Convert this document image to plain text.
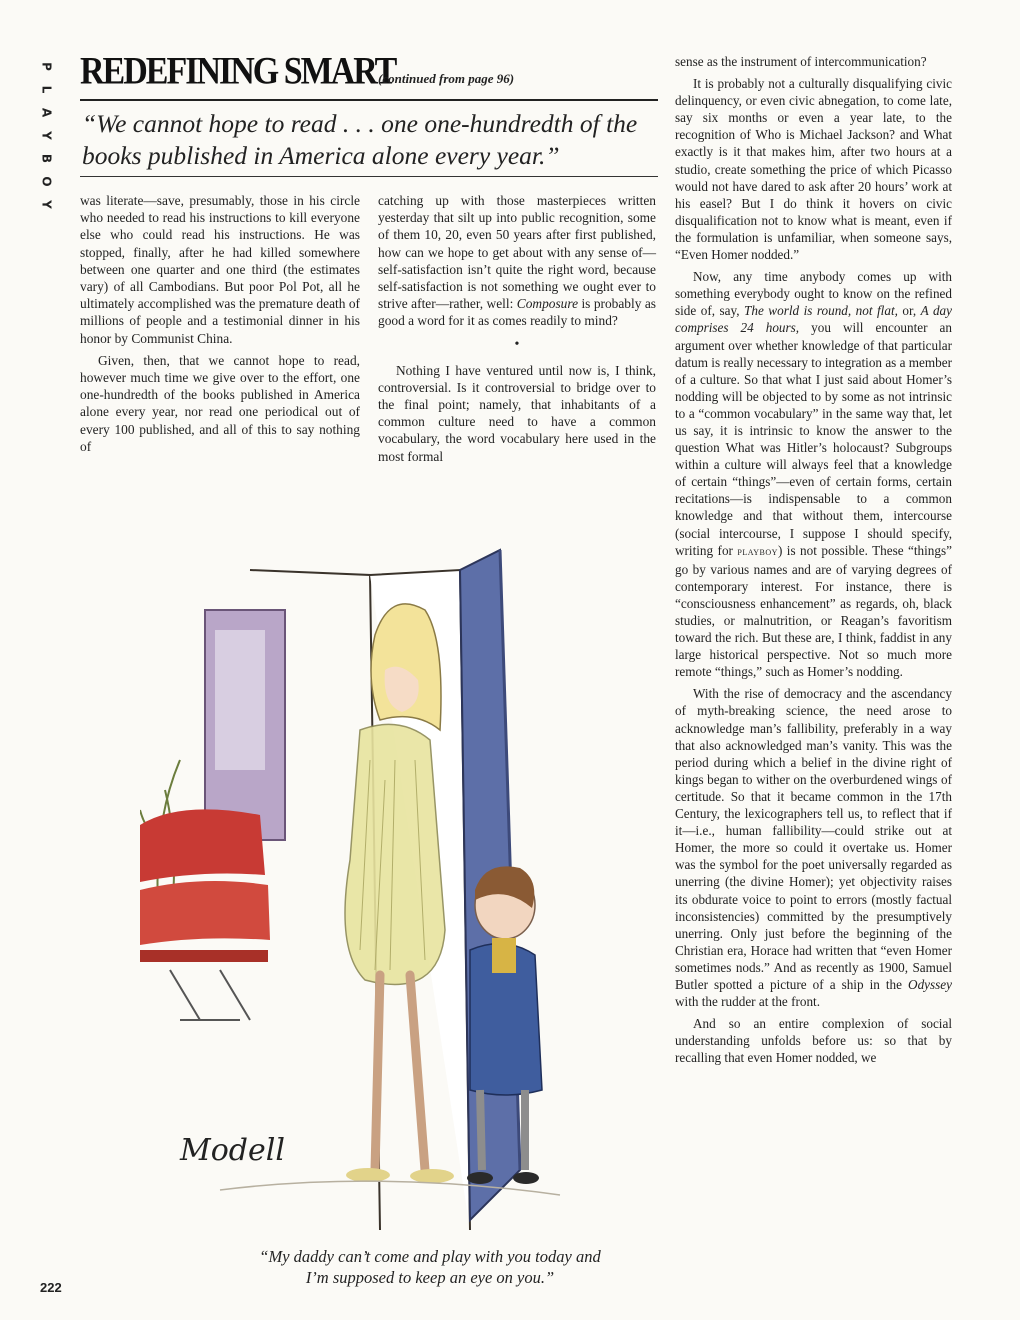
P
L
A
Y
B
O
Y
REDEFINING SMART
(continued from page 96)
“We cannot hope to read . . . one one-hundredth of the books published in America alone every year.”

was literate—save, presumably, those in his circle who needed to read his instructions to kill everyone else who could read his instructions. He was stopped, finally, after he had killed somewhere between one quarter and one third (the estimates vary) of all Cambodians. But poor Pol Pot, all he ultimately accomplished was the premature death of millions of people and a testimonial dinner in his honor by Communist China.

Given, then, that we cannot hope to read, however much time we give over to the effort, one one-hundredth of the books published in America alone every year, nor read one periodical out of every 100 published, and all of this to say nothing of

catching up with those masterpieces written yesterday that silt up into public recognition, some of them 10, 20, even 50 years after first published, how can we hope to get about with any sense of—self-satisfaction isn’t quite the right word, because self-satisfaction is not something we ought ever to strive after—rather, well: Composure is probably as good a word for it as comes readily to mind?

•

Nothing I have ventured until now is, I think, controversial. Is it controversial to bridge over to the final point; namely, that inhabitants of a common culture need to have a common vocabulary, the word vocabulary here used in the most formal

sense as the instrument of intercommunication?

It is probably not a culturally disqualifying civic delinquency, or even civic abnegation, to come late, say six months or even a year late, to the recognition of Who is Michael Jackson? and What exactly is it that makes him, after two hours at a studio, create something the price of which Picasso would not have dared to ask after 20 hours’ work at his easel? But I do think it hovers on civic disqualification not to know what is meant, even if the formulation is unfamiliar, when someone says, “Even Homer nodded.”

Now, any time anybody comes up with something everybody ought to know on the refined side of, say, The world is round, not flat, or, A day comprises 24 hours, you will encounter an argument over whether knowledge of that particular datum is really necessary to integration as a member of a culture. So that what I just said about Homer’s nodding will be objected to by some as not intrinsic to a “common vocabulary” in the same way that, let us say, it is intrinsic to know the answer to the question What was Hitler’s holocaust? Subgroups within a culture will always feel that a knowledge of certain “things”—even of certain forms, certain recitations—is indispensable to a common knowledge and that without them, intercourse (social intercourse, I suppose I should specify, writing for PLAYBOY) is not possible. These “things” go by various names and are of varying degrees of contemporary interest. For instance, there is “consciousness enhancement” as regards, oh, black studies, or malnutrition, or Reagan’s favoritism toward the rich. But these are, I think, faddist in any large historical perspective. Not so much more remote “things,” such as Homer’s nodding.

With the rise of democracy and the ascendancy of myth-breaking science, the need arose to acknowledge man’s fallibility, preferably in a way that also acknowledged man’s vanity. This was the period during which a belief in the divine right of kings began to wither on the overburdened wings of certitude. So that it became common in the 17th Century, the lexicographers tell us, to reflect that if it—i.e., human fallibility—could strike out at Homer, the more so could it overtake us. Homer was the symbol for the poet universally regarded as unerring (the divine Homer); yet objectivity raises its obdurate voice to point to errors (mostly factual inconsistencies) committed by the presumptively unerring. Only just before the beginning of the Christian era, Horace had written that “even Homer sometimes nods.” And as recently as 1900, Samuel Butler spotted a picture of a ship in the Odyssey with the rudder at the front.

And so an entire complexion of social understanding unfolds before us: so that by recalling that even Homer nodded, we

Modell
“My daddy can’t come and play with you today and
I’m supposed to keep an eye on you.”
222
